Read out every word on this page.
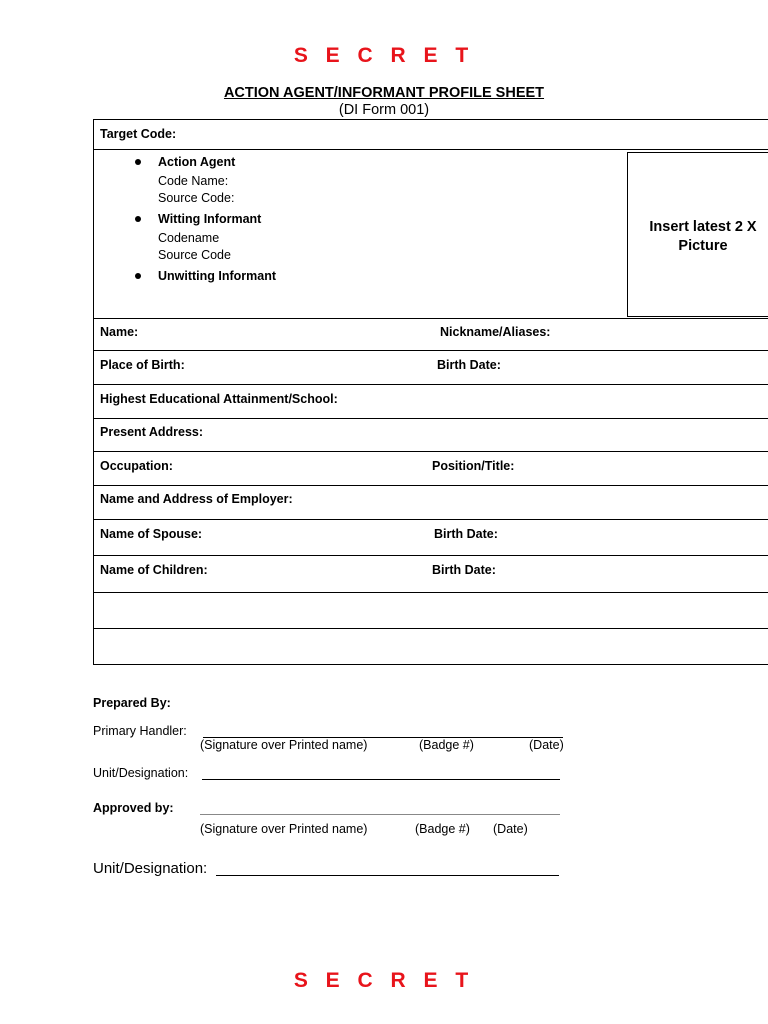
S E C R E T
ACTION AGENT/INFORMANT PROFILE SHEET
(DI Form 001)
Target Code:
Action Agent
Code Name:
Source Code:
Witting Informant
Codename
Source Code
Unwitting Informant
Insert latest 2 X
Picture
Name:	Nickname/Aliases:
Place of Birth:	Birth Date:
Highest Educational Attainment/School:
Present Address:
Occupation:	Position/Title:
Name and Address of Employer:
Name of Spouse:	Birth Date:
Name of Children:	Birth Date:
Prepared By:
Primary Handler:
(Signature over Printed name)	(Badge #)	(Date)
Unit/Designation:
Approved by:
(Signature over Printed name)	(Badge #) (Date)
Unit/Designation:
S E C R E T
